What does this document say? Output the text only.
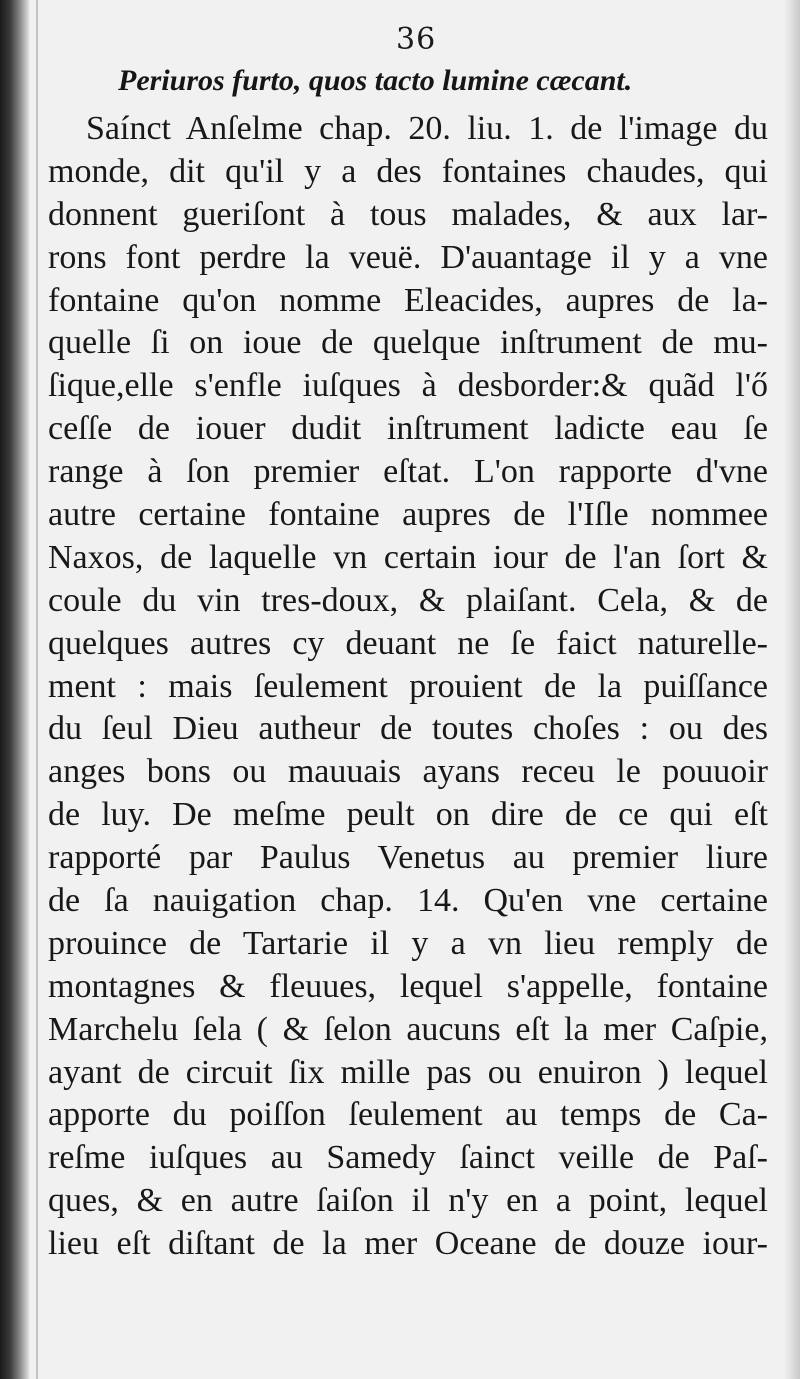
36
Periuros furto, quos tacto lumine cæcant.
Saínct Anſelme chap. 20. liu. 1. de l'image du
monde, dit qu'il y a des fontaines chaudes, qui
donnent gueriſont à tous malades, & aux lar-
rons font perdre la veuë. D'auantage il y a vne
fontaine qu'on nomme Eleacides, aupres de la-
quelle ſi on ioue de quelque inſtrument de mu-
ſique,elle s'enfle iuſques à desborder:& quãd l'ő
ceſſe de iouer dudit inſtrument ladicte eau ſe
range à ſon premier eſtat. L'on rapporte d'vne
autre certaine fontaine aupres de l'Iſle nommee
Naxos, de laquelle vn certain iour de l'an ſort &
coule du vin tres-doux, & plaiſant. Cela, & de
quelques autres cy deuant ne ſe faict naturelle-
ment : mais ſeulement prouient de la puiſſance
du ſeul Dieu autheur de toutes choſes : ou des
anges bons ou mauuais ayans receu le pouuoir
de luy. De meſme peult on dire de ce qui eſt
rapporté par Paulus Venetus au premier liure
de ſa nauigation chap. 14. Qu'en vne certaine
prouince de Tartarie il y a vn lieu remply de
montagnes & fleuues, lequel s'appelle, fontaine
Marchelu ſela ( & ſelon aucuns eſt la mer Caſpie,
ayant de circuit ſix mille pas ou enuiron ) lequel
apporte du poiſſon ſeulement au temps de Ca-
reſme iuſques au Samedy ſainct veille de Paſ-
ques, & en autre ſaiſon il n'y en a point, lequel
lieu eſt diſtant de la mer Oceane de douze iour-
